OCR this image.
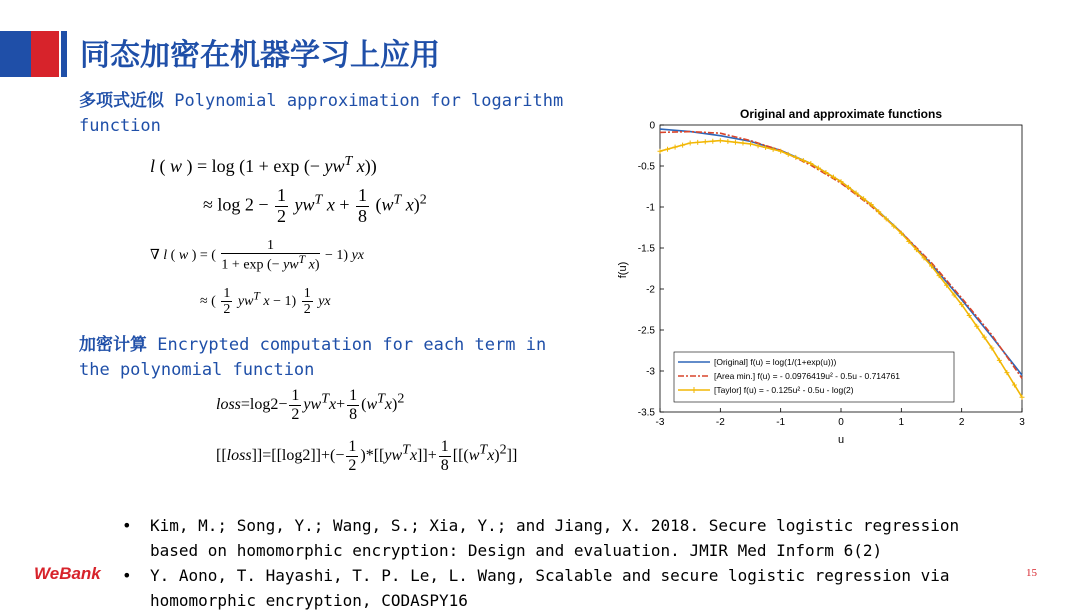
同态加密在机器学习上应用
多项式近似 Polynomial approximation for logarithm function
l ( w ) = log (1 + exp (− $yw^T$ x))
≈ $\log 2 - \frac{1}{2} yw^T$ $x + \frac{1}{8} (w^T$ x)$^2$
∇ l ( w ) = ( $\frac{1}{1 + \exp (- yw^T x)} - 1$) yx
≈ ( $\frac{1}{2} yw^T$ $x - 1) \frac{1}{2}$ yx
加密计算 Encrypted computation for each term in the polynomial function
loss=log2− $\frac{1}{2} yw^Tx+ \frac{1}{8} (w^Tx)^2$
[[loss]]=[[log2]]+(− $\frac{1}{2} )*[[yw^Tx]]+ \frac{1}{8} [[(w^Tx)^2]]$
Original and approximate functions
-3	-2	-1	0	1	2	3
0
-0.5
-1
-1.5
-2
-2.5
-3
-3.5
u
f(u)
[Original] f(u) = log(1/(1+exp(u)))
[Area min.] f(u) = - 0.0976419u² - 0.5u - 0.714761
[Taylor] f(u) = - 0.125u² - 0.5u - log(2)
• Kim, M.; Song, Y.; Wang, S.; Xia, Y.; and Jiang, X. 2018. Secure logistic regression based on homomorphic encryption: Design and evaluation. JMIR Med Inform 6(2)
• Y. Aono, T. Hayashi, T. P. Le, L. Wang, Scalable and secure logistic regression via homomorphic encryption, CODASPY16
WeBank	15
